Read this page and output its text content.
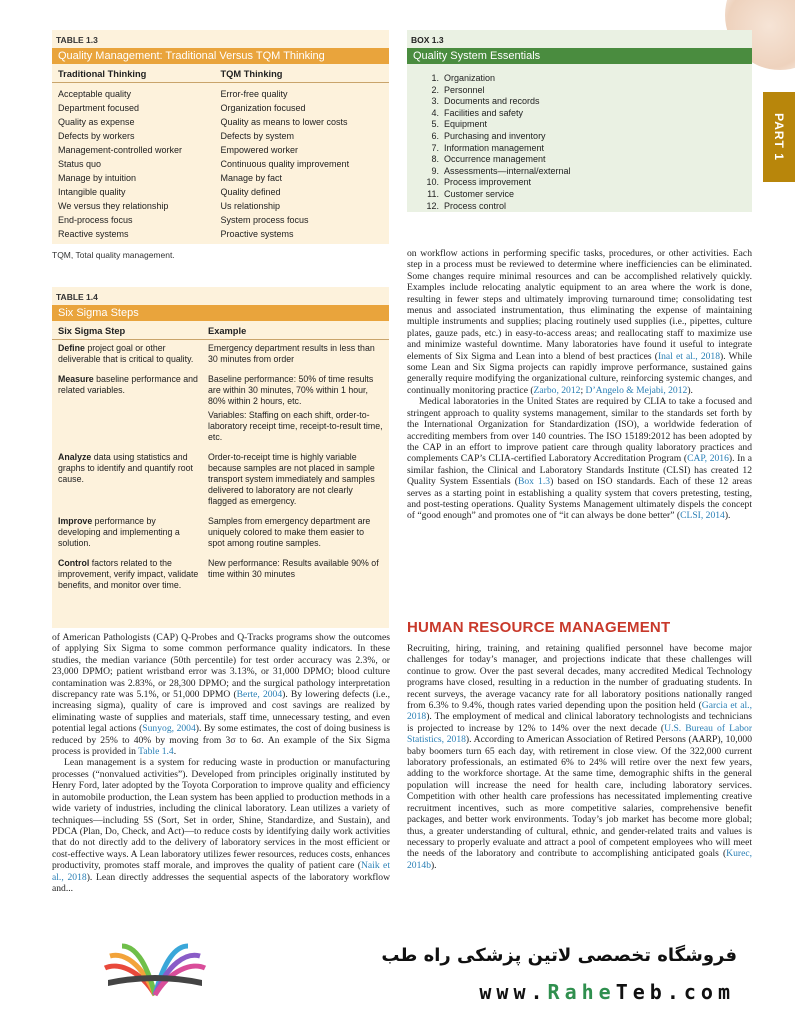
PART 1
TABLE 1.3
Quality Management: Traditional Versus TQM Thinking
Traditional Thinking	TQM Thinking
Acceptable quality
Department focused
Quality as expense
Defects by workers
Management-controlled worker
Status quo
Manage by intuition
Intangible quality
We versus they relationship
End-process focus
Reactive systems
Error-free quality
Organization focused
Quality as means to lower costs
Defects by system
Empowered worker
Continuous quality improvement
Manage by fact
Quality defined
Us relationship
System process focus
Proactive systems
TQM, Total quality management.
TABLE 1.4
Six Sigma Steps
Six Sigma Step	Example
Define project goal or other deliverable that is critical to quality.

Emergency department results in less than 30 minutes from order

Measure baseline performance and related variables.

Baseline performance: 50% of time results are within 30 minutes, 70% within 1 hour, 80% within 2 hours, etc.

Variables: Staffing on each shift, order-to-laboratory receipt time, receipt-to-result time, etc.

Analyze data using statistics and graphs to identify and quantify root cause.

Order-to-receipt time is highly variable because samples are not placed in sample transport system immediately and samples delivered to laboratory are not clearly flagged as emergency.

Improve performance by developing and implementing a solution.

Samples from emergency department are uniquely colored to make them easier to spot among routine samples.

Control factors related to the improvement, verify impact, validate benefits, and monitor over time.

New performance: Results available 90% of time within 30 minutes

BOX 1.3
Quality System Essentials
1. Organization
2. Personnel
3. Documents and records
4. Facilities and safety
5. Equipment
6. Purchasing and inventory
7. Information management
8. Occurrence management
9. Assessments—internal/external
10. Process improvement
11. Customer service
12. Process control

on workflow actions in performing specific tasks, procedures, or other activities. Each step in a process must be reviewed to determine where inefficiencies can be eliminated. Some changes require minimal resources and can be accomplished relatively quickly. Examples include relocating analytic equipment to an area where the work is done, resulting in fewer steps and ultimately improving turnaround time; consolidating test menus and associated instrumentation, thus eliminating the expense of maintaining multiple instruments and supplies; placing routinely used supplies (i.e., pipettes, culture plates, gauze pads, etc.) in easy-to-access areas; and reallocating staff to maximize use and minimize wasteful downtime. Many laboratories have found it useful to integrate elements of Six Sigma and Lean into a blend of best practices (Inal et al., 2018). While some Lean and Six Sigma projects can rapidly improve performance, sustained gains generally require modifying the organizational culture, reinforcing systemic changes, and continually monitoring practice (Zarbo, 2012; D’Angelo & Mejabi, 2012).

Medical laboratories in the United States are required by CLIA to take a focused and stringent approach to quality systems management, similar to the standards set forth by the International Organization for Standardization (ISO), a worldwide federation of accrediting members from over 140 countries. The ISO 15189:2012 has been adopted by the CAP in an effort to improve patient care through quality laboratory practices and complements CAP’s CLIA-certified Laboratory Accreditation Program (CAP, 2016). In a similar fashion, the Clinical and Laboratory Standards Institute (CLSI) has created 12 Quality System Essentials (Box 1.3) based on ISO standards. Each of these 12 areas serves as a starting point in establishing a quality system that covers pretesting, testing, and post-testing operations. Quality Systems Management ultimately dispels the concept of “good enough” and promotes one of “it can always be done better” (CLSI, 2014).

HUMAN RESOURCE MANAGEMENT

Recruiting, hiring, training, and retaining qualified personnel have become major challenges for today’s manager, and projections indicate that these challenges will continue to grow. Over the past several decades, many accredited Medical Technology programs have closed, resulting in a reduction in the number of graduating students. In recent surveys, the average vacancy rate for all laboratory positions nationally ranged from 6.3% to 9.4%, though rates varied depending upon the position held (Garcia et al., 2018). The employment of medical and clinical laboratory technologists and technicians is projected to increase by 12% to 14% over the next decade (U.S. Bureau of Labor Statistics, 2018). According to American Association of Retired Persons (AARP), 10,000 baby boomers turn 65 each day, with retirement in close view. Of the 322,000 current laboratory professionals, an estimated 6% to 24% will retire over the next few years, adding to the workforce shortage. At the same time, demographic shifts in the general population will increase the need for health care, including laboratory services. Competition with other health care professions has necessitated implementing creative recruitment incentives, such as more competitive salaries, comprehensive benefit packages, and better work environments. Today’s job market has become more global; thus, a greater understanding of cultural, ethnic, and gender-related traits and values is necessary to properly evaluate and attract a pool of competent employees who will meet the needs of the laboratory and contribute to accomplishing anticipated goals (Kurec, 2014b).

of American Pathologists (CAP) Q-Probes and Q-Tracks programs show the outcomes of applying Six Sigma to some common performance quality indicators. In these studies, the median variance (50th percentile) for test order accuracy was 2.3%, or 23,000 DPMO; patient wristband error was 3.13%, or 31,000 DPMO; blood culture contamination was 2.83%, or 28,300 DPMO; and the surgical pathology interpretation discrepancy rate was 5.1%, or 51,000 DPMO (Berte, 2004). By lowering defects (i.e., increasing sigma), quality of care is improved and cost savings are realized by eliminating waste of supplies and materials, staff time, unnecessary testing, and even potential legal actions (Sunyog, 2004). By some estimates, the cost of doing business is reduced by 25% to 40% by moving from 3σ to 6σ. An example of the Six Sigma process is provided in Table 1.4.

Lean management is a system for reducing waste in production or manufacturing processes (“nonvalued activities”). Developed from principles originally instituted by Henry Ford, later adopted by the Toyota Corporation to improve quality and efficiency in automobile production, the Lean system has been applied to production methods in a wide variety of industries, including the clinical laboratory. Lean utilizes a variety of techniques—including 5S (Sort, Set in order, Shine, Standardize, and Sustain), and PDCA (Plan, Do, Check, and Act)—to reduce costs by identifying daily work activities that do not directly add to the delivery of laboratory services in the most efficient or cost-effective ways. A Lean laboratory utilizes fewer resources, reduces costs, enhances productivity, promotes staff morale, and improves the quality of patient care (Naik et al., 2018). Lean directly addresses the sequential aspects of the laboratory workflow and...

فروشگاه تخصصی لاتین پزشکی راه طب
www.RaheTeb.com
